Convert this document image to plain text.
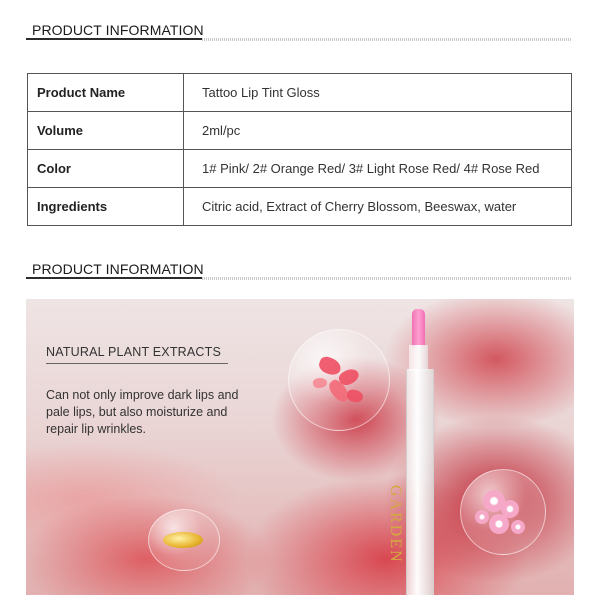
PRODUCT INFORMATION
Product Name	Tattoo Lip Tint Gloss
Volume	2ml/pc
Color	1# Pink/ 2# Orange Red/ 3# Light Rose Red/ 4# Rose Red
Ingredients	Citric acid, Extract of Cherry Blossom, Beeswax, water
PRODUCT INFORMATION
NATURAL PLANT EXTRACTS
Can not only improve dark lips and pale lips, but also moisturize and repair lip wrinkles.
GARDEN
